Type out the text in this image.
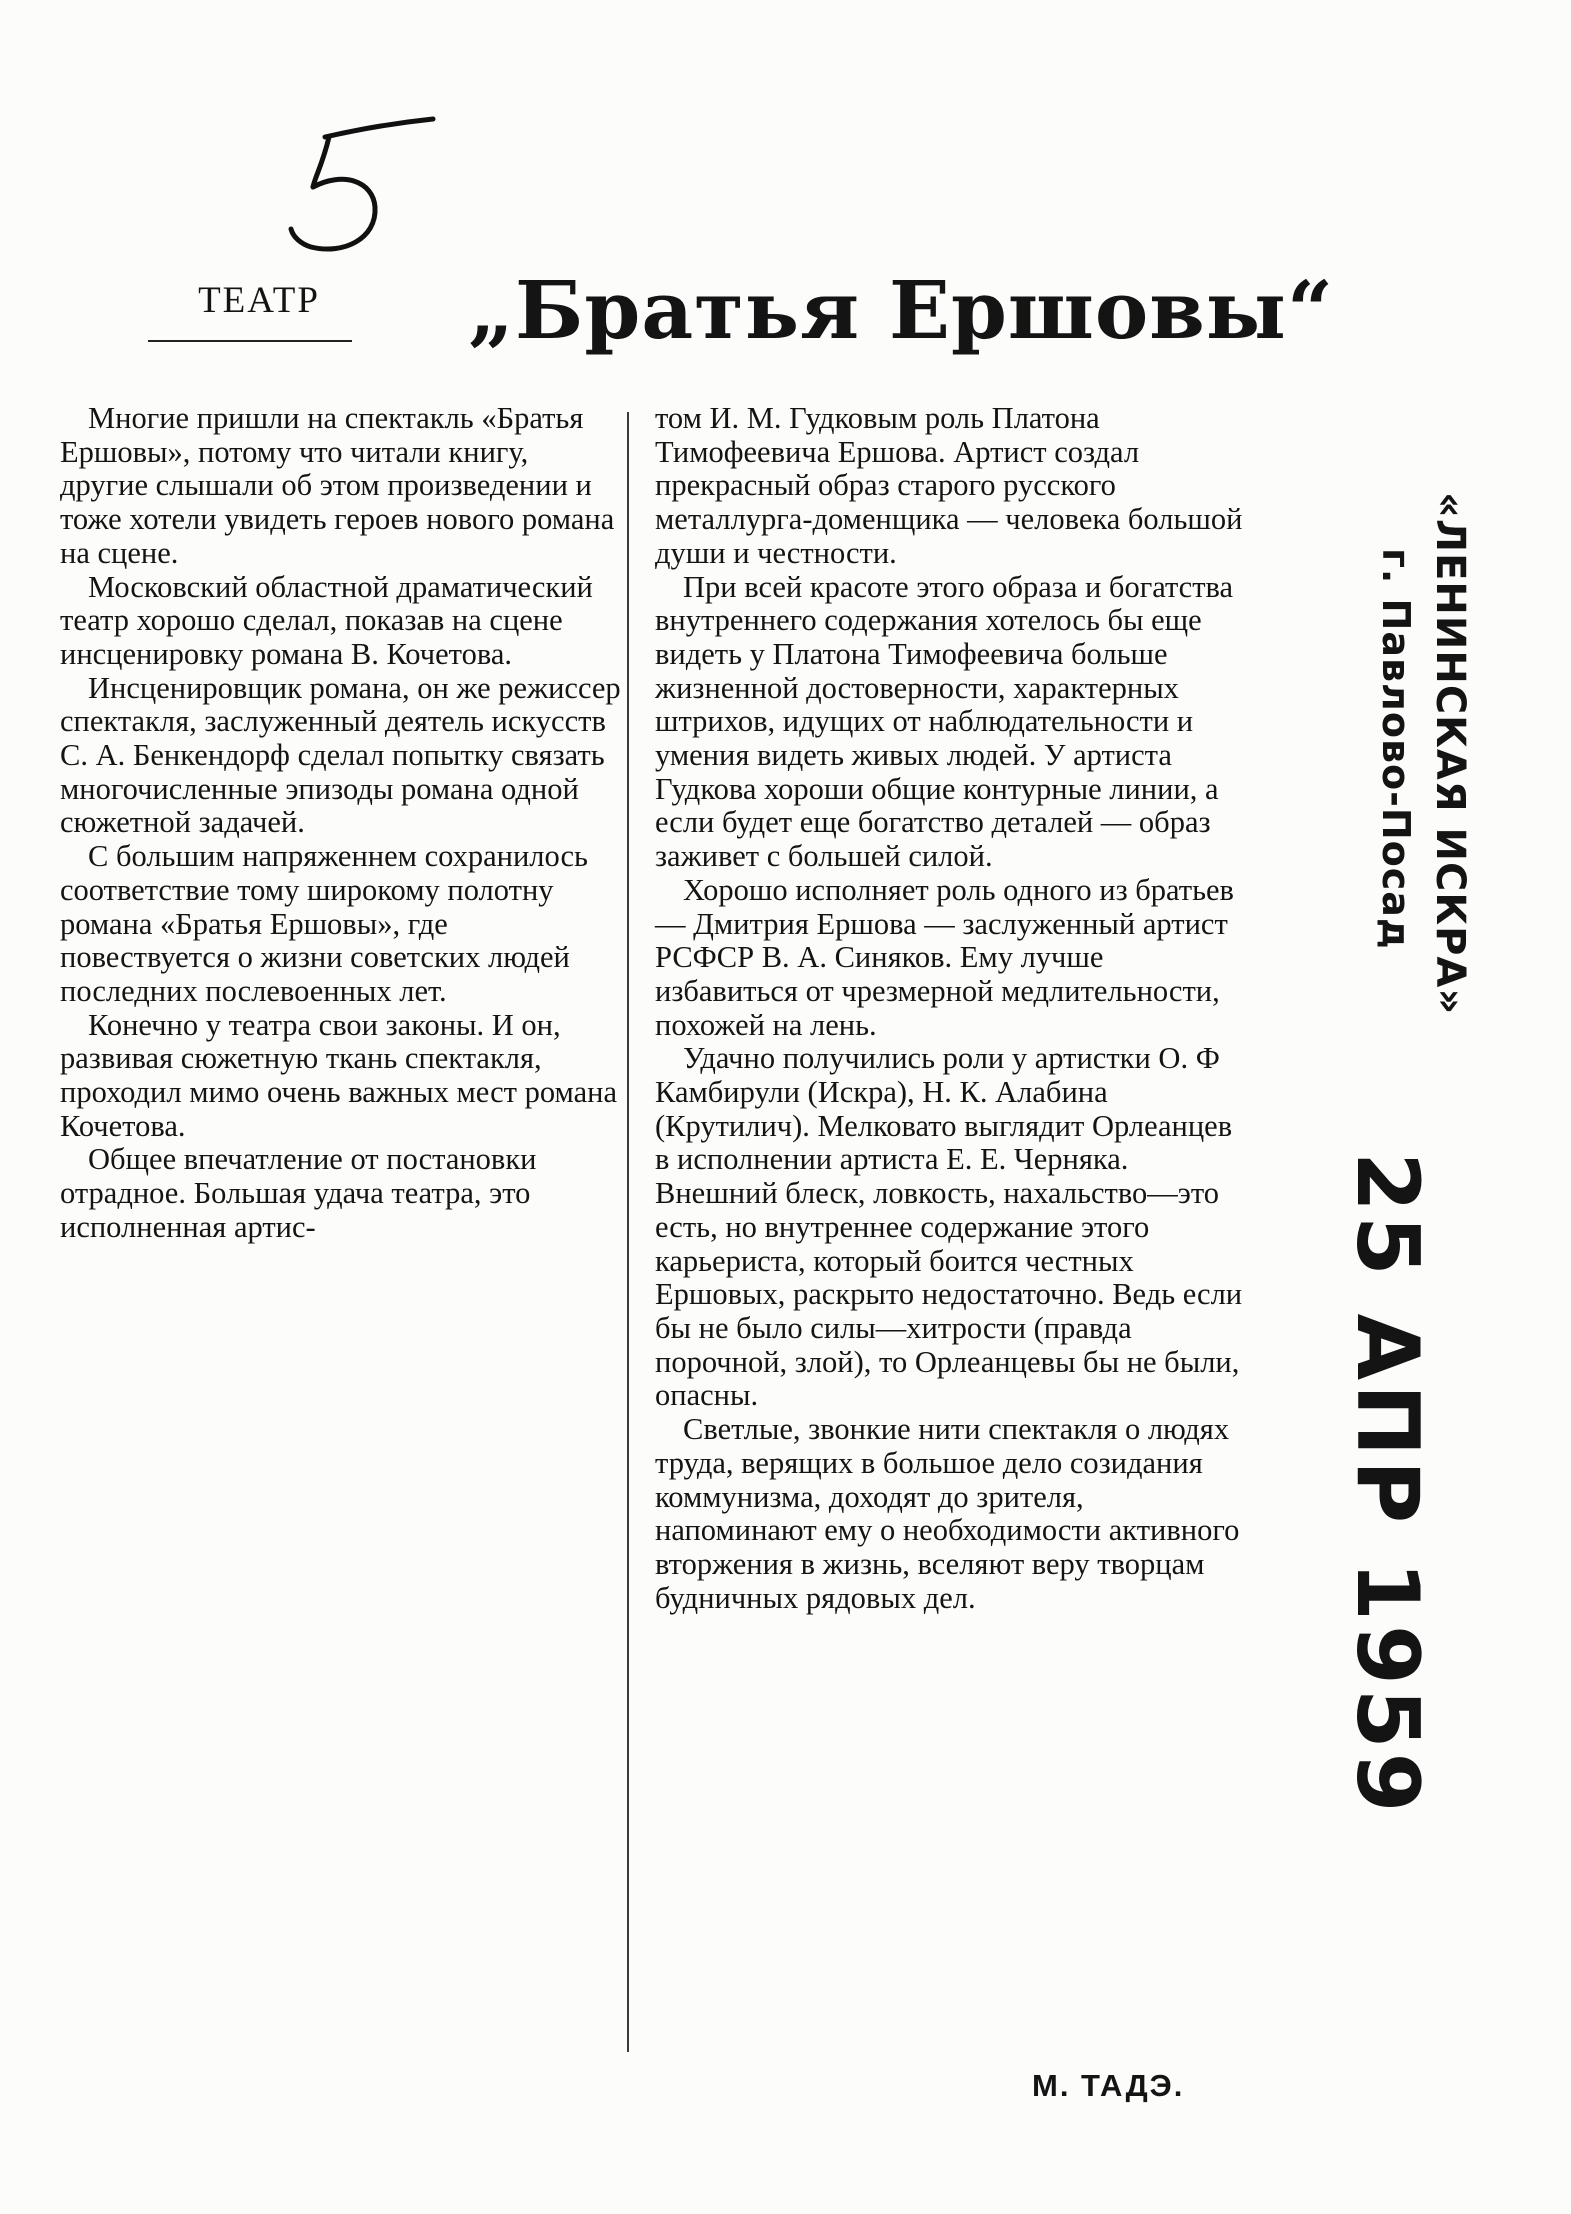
ТЕАТР	„Братья Ершовы“

Многие пришли на спектакль «Братья Ершовы», потому что читали книгу, другие слышали об этом произведении и тоже хотели увидеть героев нового романа на сцене.

Московский областной драматический театр хорошо сделал, показав на сцене инсценировку романа В. Кочетова.

Инсценировщик романа, он же режиссер спектакля, заслуженный деятель искусств С. А. Бенкендорф сделал попытку связать многочисленные эпизоды романа одной сюжетной задачей.

С большим напряженнем сохранилось соответствие тому широкому полотну романа «Братья Ершовы», где повествуется о жизни советских людей последних послевоенных лет.

Конечно у театра свои законы. И он, развивая сюжетную ткань спектакля, проходил мимо очень важных мест романа Кочетова.

Общее впечатление от постановки отрадное. Большая удача театра, это исполненная артис-

том И. М. Гудковым роль Платона Тимофеевича Ершова. Артист создал прекрасный образ старого русского металлурга-доменщика — человека большой души и честности.

При всей красоте этого образа и богатства внутреннего содержания хотелось бы еще видеть у Платона Тимофеевича больше жизненной достоверности, характерных штрихов, идущих от наблюдательности и умения видеть живых людей. У артиста Гудкова хороши общие контурные линии, а если будет еще богатство деталей — образ заживет с большей силой.

Хорошо исполняет роль одного из братьев — Дмитрия Ершова — заслуженный артист РСФСР В. А. Синяков. Ему лучше избавиться от чрезмерной медлительности, похожей на лень.

Удачно получились роли у артистки О. Ф Камбирули (Искра), Н. К. Алабина (Крутилич). Мелковато выглядит Орлеанцев в исполнении артиста Е. Е. Черняка. Внешний блеск, ловкость, нахальство—это есть, но внутреннее содержание этого карьериста, который боится честных Ершовых, раскрыто недостаточно. Ведь если бы не было силы—хитрости (правда порочной, злой), то Орлеанцевы бы не были, опасны.

Светлые, звонкие нити спектакля о людях труда, верящих в большое дело созидания коммунизма, доходят до зрителя, напоминают ему о необходимости активного вторжения в жизнь, вселяют веру творцам будничных рядовых дел.

М. ТАДЭ.
«ЛЕНИНСКАЯ ИСКРА»
г. Павлово-Посад
25 АПР 1959
